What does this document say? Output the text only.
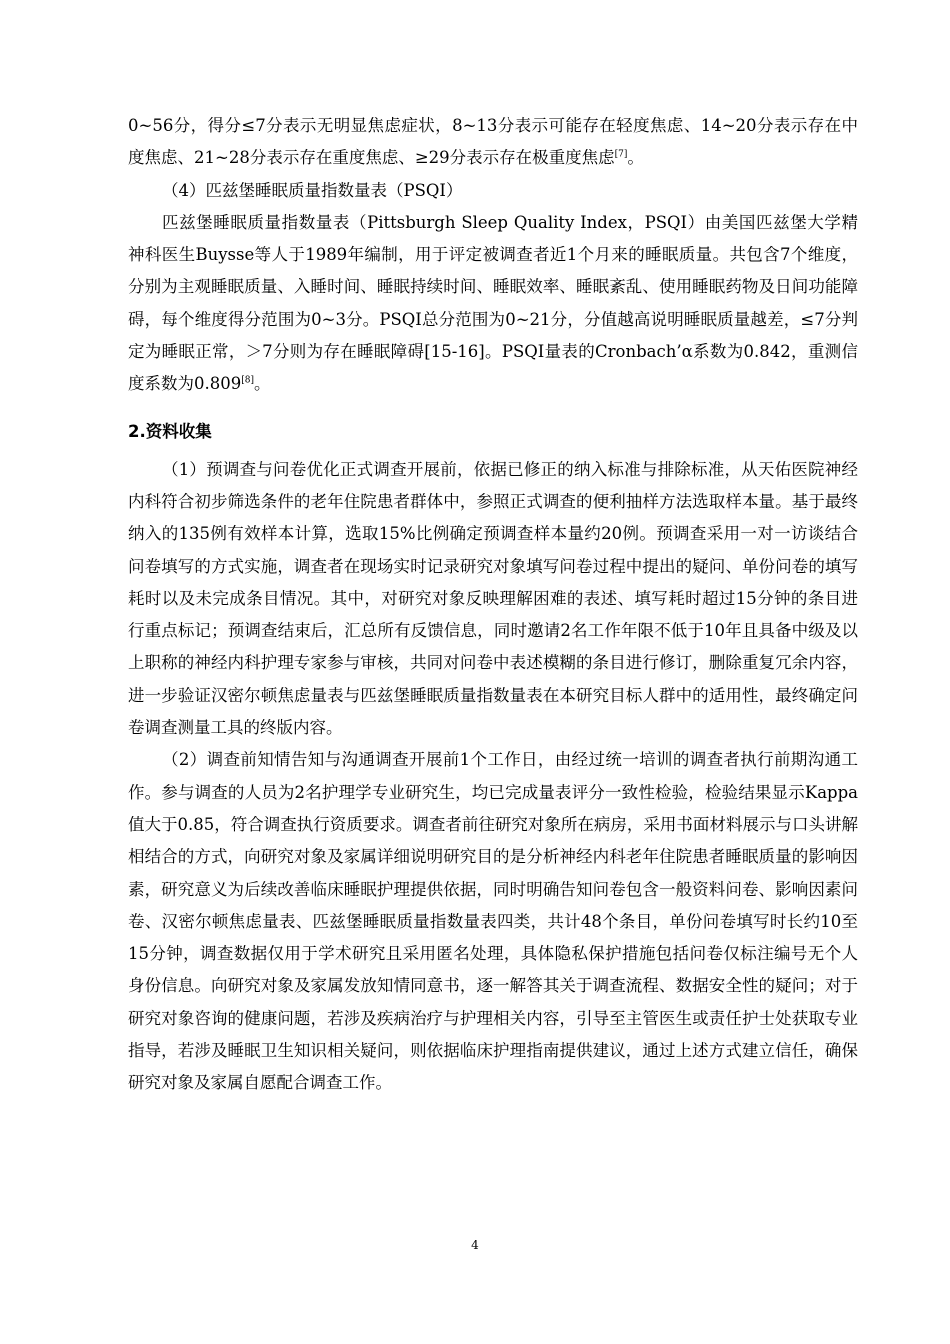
0~56分，得分≤7分表示无明显焦虑症状，8~13分表示可能存在轻度焦虑、14~20分表示存在中度焦虑、21~28分表示存在重度焦虑、≥29分表示存在极重度焦虑[7]。

（4）匹兹堡睡眠质量指数量表（PSQI）

匹兹堡睡眠质量指数量表（Pittsburgh Sleep Quality Index，PSQI）由美国匹兹堡大学精神科医生Buysse等人于1989年编制，用于评定被调查者近1个月来的睡眠质量。共包含7个维度，分别为主观睡眠质量、入睡时间、睡眠持续时间、睡眠效率、睡眠紊乱、使用睡眠药物及日间功能障碍，每个维度得分范围为0~3分。PSQI总分范围为0~21分，分值越高说明睡眠质量越差，≤7分判定为睡眠正常，＞7分则为存在睡眠障碍[15-16]。PSQI量表的Cronbach’α系数为0.842，重测信度系数为0.809[8]。

2.资料收集

（1）预调查与问卷优化正式调查开展前，依据已修正的纳入标准与排除标准，从天佑医院神经内科符合初步筛选条件的老年住院患者群体中，参照正式调查的便利抽样方法选取样本量。基于最终纳入的135例有效样本计算，选取15%比例确定预调查样本量约20例。预调查采用一对一访谈结合问卷填写的方式实施，调查者在现场实时记录研究对象填写问卷过程中提出的疑问、单份问卷的填写耗时以及未完成条目情况。其中，对研究对象反映理解困难的表述、填写耗时超过15分钟的条目进行重点标记；预调查结束后，汇总所有反馈信息，同时邀请2名工作年限不低于10年且具备中级及以上职称的神经内科护理专家参与审核，共同对问卷中表述模糊的条目进行修订，删除重复冗余内容，进一步验证汉密尔顿焦虑量表与匹兹堡睡眠质量指数量表在本研究目标人群中的适用性，最终确定问卷调查测量工具的终版内容。

（2）调查前知情告知与沟通调查开展前1个工作日，由经过统一培训的调查者执行前期沟通工作。参与调查的人员为2名护理学专业研究生，均已完成量表评分一致性检验，检验结果显示Kappa值大于0.85，符合调查执行资质要求。调查者前往研究对象所在病房，采用书面材料展示与口头讲解相结合的方式，向研究对象及家属详细说明研究目的是分析神经内科老年住院患者睡眠质量的影响因素，研究意义为后续改善临床睡眠护理提供依据，同时明确告知问卷包含一般资料问卷、影响因素问卷、汉密尔顿焦虑量表、匹兹堡睡眠质量指数量表四类，共计48个条目，单份问卷填写时长约10至15分钟，调查数据仅用于学术研究且采用匿名处理，具体隐私保护措施包括问卷仅标注编号无个人身份信息。向研究对象及家属发放知情同意书，逐一解答其关于调查流程、数据安全性的疑问；对于研究对象咨询的健康问题，若涉及疾病治疗与护理相关内容，引导至主管医生或责任护士处获取专业指导，若涉及睡眠卫生知识相关疑问，则依据临床护理指南提供建议，通过上述方式建立信任，确保研究对象及家属自愿配合调查工作。

4
